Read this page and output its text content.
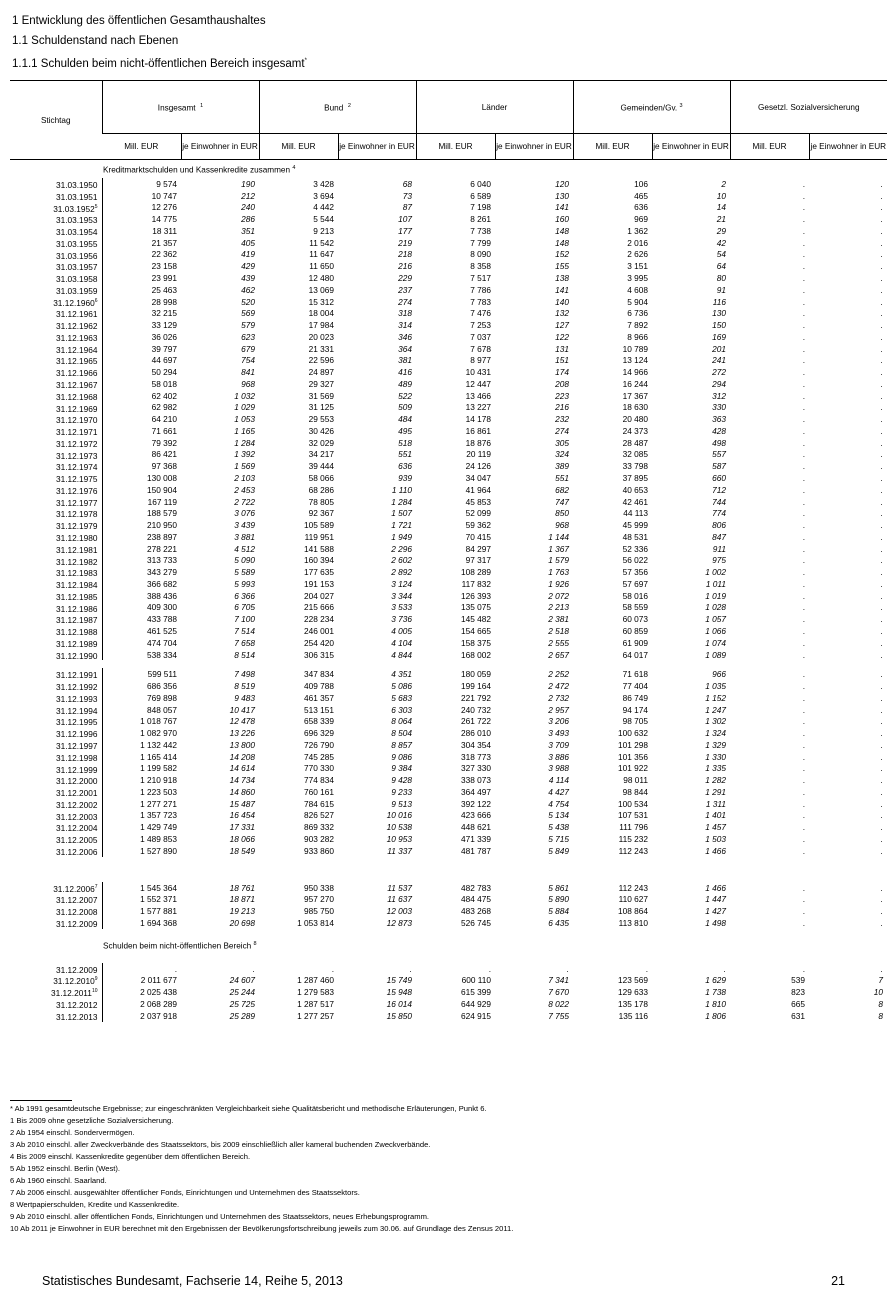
1 Entwicklung des öffentlichen Gesamthaushaltes
1.1 Schuldenstand nach Ebenen
1.1.1 Schulden beim nicht-öffentlichen Bereich insgesamt*
Stichtag	Insgesamt $^1$		Bund $^2$		Länder		Gemeinden/Gv. $^3$		Gesetzl. Sozialversicherung	
	Mill. EUR	je Einwohner in EUR	Mill. EUR	je Einwohner in EUR	Mill. EUR	je Einwohner in EUR	Mill. EUR	je Einwohner in EUR	Mill. EUR	je Einwohner in EUR
Kreditmarktschulden und Kassenkredite zusammen $^4$
31.03.1950	9 574	190	3 428	68	6 040	120	106	2	.	.
31.03.1951	10 747	212	3 694	73	6 589	130	465	10	.	.
31.03.1952$^5$	12 276	240	4 442	87	7 198	141	636	14	.	.
31.03.1953	14 775	286	5 544	107	8 261	160	969	21	.	.
31.03.1954	18 311	351	9 213	177	7 738	148	1 362	29	.	.
31.03.1955	21 357	405	11 542	219	7 799	148	2 016	42	.	.
31.03.1956	22 362	419	11 647	218	8 090	152	2 626	54	.	.
31.03.1957	23 158	429	11 650	216	8 358	155	3 151	64	.	.
31.03.1958	23 991	439	12 480	229	7 517	138	3 995	80	.	.
31.03.1959	25 463	462	13 069	237	7 786	141	4 608	91	.	.
31.12.1960$^6$	28 998	520	15 312	274	7 783	140	5 904	116	.	.
31.12.1961	32 215	569	18 004	318	7 476	132	6 736	130	.	.
31.12.1962	33 129	579	17 984	314	7 253	127	7 892	150	.	.
31.12.1963	36 026	623	20 023	346	7 037	122	8 966	169	.	.
31.12.1964	39 797	679	21 331	364	7 678	131	10 789	201	.	.
31.12.1965	44 697	754	22 596	381	8 977	151	13 124	241	.	.
31.12.1966	50 294	841	24 897	416	10 431	174	14 966	272	.	.
31.12.1967	58 018	968	29 327	489	12 447	208	16 244	294	.	.
31.12.1968	62 402	1 032	31 569	522	13 466	223	17 367	312	.	.
31.12.1969	62 982	1 029	31 125	509	13 227	216	18 630	330	.	.
31.12.1970	64 210	1 053	29 553	484	14 178	232	20 480	363	.	.
31.12.1971	71 661	1 165	30 426	495	16 861	274	24 373	428	.	.
31.12.1972	79 392	1 284	32 029	518	18 876	305	28 487	498	.	.
31.12.1973	86 421	1 392	34 217	551	20 119	324	32 085	557	.	.
31.12.1974	97 368	1 569	39 444	636	24 126	389	33 798	587	.	.
31.12.1975	130 008	2 103	58 066	939	34 047	551	37 895	660	.	.
31.12.1976	150 904	2 453	68 286	1 110	41 964	682	40 653	712	.	.
31.12.1977	167 119	2 722	78 805	1 284	45 853	747	42 461	744	.	.
31.12.1978	188 579	3 076	92 367	1 507	52 099	850	44 113	774	.	.
31.12.1979	210 950	3 439	105 589	1 721	59 362	968	45 999	806	.	.
31.12.1980	238 897	3 881	119 951	1 949	70 415	1 144	48 531	847	.	.
31.12.1981	278 221	4 512	141 588	2 296	84 297	1 367	52 336	911	.	.
31.12.1982	313 733	5 090	160 394	2 602	97 317	1 579	56 022	975	.	.
31.12.1983	343 279	5 589	177 635	2 892	108 289	1 763	57 356	1 002	.	.
31.12.1984	366 682	5 993	191 153	3 124	117 832	1 926	57 697	1 011	.	.
31.12.1985	388 436	6 366	204 027	3 344	126 393	2 072	58 016	1 019	.	.
31.12.1986	409 300	6 705	215 666	3 533	135 075	2 213	58 559	1 028	.	.
31.12.1987	433 788	7 100	228 234	3 736	145 482	2 381	60 073	1 057	.	.
31.12.1988	461 525	7 514	246 001	4 005	154 665	2 518	60 859	1 066	.	.
31.12.1989	474 704	7 658	254 420	4 104	158 375	2 555	61 909	1 074	.	.
31.12.1990	538 334	8 514	306 315	4 844	168 002	2 657	64 017	1 089	.	.

31.12.1991	599 511	7 498	347 834	4 351	180 059	2 252	71 618	966	.	.
31.12.1992	686 356	8 519	409 788	5 086	199 164	2 472	77 404	1 035	.	.
31.12.1993	769 898	9 483	461 357	5 683	221 792	2 732	86 749	1 152	.	.
31.12.1994	848 057	10 417	513 151	6 303	240 732	2 957	94 174	1 247	.	.
31.12.1995	1 018 767	12 478	658 339	8 064	261 722	3 206	98 705	1 302	.	.
31.12.1996	1 082 970	13 226	696 329	8 504	286 010	3 493	100 632	1 324	.	.
31.12.1997	1 132 442	13 800	726 790	8 857	304 354	3 709	101 298	1 329	.	.
31.12.1998	1 165 414	14 208	745 285	9 086	318 773	3 886	101 356	1 330	.	.
31.12.1999	1 199 582	14 614	770 330	9 384	327 330	3 988	101 922	1 335	.	.
31.12.2000	1 210 918	14 734	774 834	9 428	338 073	4 114	98 011	1 282	.	.
31.12.2001	1 223 503	14 860	760 161	9 233	364 497	4 427	98 844	1 291	.	.
31.12.2002	1 277 271	15 487	784 615	9 513	392 122	4 754	100 534	1 311	.	.
31.12.2003	1 357 723	16 454	826 527	10 016	423 666	5 134	107 531	1 401	.	.
31.12.2004	1 429 749	17 331	869 332	10 538	448 621	5 438	111 796	1 457	.	.
31.12.2005	1 489 853	18 066	903 282	10 953	471 339	5 715	115 232	1 503	.	.
31.12.2006	1 527 890	18 549	933 860	11 337	481 787	5 849	112 243	1 466	.	.

31.12.2006$^7$	1 545 364	18 761	950 338	11 537	482 783	5 861	112 243	1 466	.	.
31.12.2007	1 552 371	18 871	957 270	11 637	484 475	5 890	110 627	1 447	.	.
31.12.2008	1 577 881	19 213	985 750	12 003	483 268	5 884	108 864	1 427	.	.
31.12.2009	1 694 368	20 698	1 053 814	12 873	526 745	6 435	113 810	1 498	.	.

Schulden beim nicht-öffentlichen Bereich $^8$

31.12.2009	.	.	.	.	.	.	.	.	.	.
31.12.2010$^9$	2 011 677	24 607	1 287 460	15 749	600 110	7 341	123 569	1 629	539	7
31.12.2011$^{10}$	2 025 438	25 244	1 279 583	15 948	615 399	7 670	129 633	1 738	823	10
31.12.2012	2 068 289	25 725	1 287 517	16 014	644 929	8 022	135 178	1 810	665	8
31.12.2013	2 037 918	25 289	1 277 257	15 850	624 915	7 755	135 116	1 806	631	8
* Ab 1991 gesamtdeutsche Ergebnisse; zur eingeschränkten Vergleichbarkeit siehe Qualitätsbericht und methodische Erläuterungen, Punkt 6.
1 Bis 2009 ohne gesetzliche Sozialversicherung.
2 Ab 1954 einschl. Sondervermögen.
3 Ab 2010 einschl. aller Zweckverbände des Staatssektors, bis 2009 einschließlich aller kameral buchenden Zweckverbände.
4 Bis 2009 einschl. Kassenkredite gegenüber dem öffentlichen Bereich.
5 Ab 1952 einschl. Berlin (West).
6 Ab 1960 einschl. Saarland.
7 Ab 2006 einschl. ausgewählter öffentlicher Fonds, Einrichtungen und Unternehmen des Staatssektors.
8 Wertpapierschulden, Kredite und Kassenkredite.
9 Ab 2010 einschl. aller öffentlichen Fonds, Einrichtungen und Unternehmen des Staatssektors, neues Erhebungsprogramm.
10 Ab 2011 je Einwohner in EUR berechnet mit den Ergebnissen der Bevölkerungsfortschreibung jeweils zum 30.06. auf Grundlage des Zensus 2011.
Statistisches Bundesamt, Fachserie 14, Reihe 5, 2013	21
